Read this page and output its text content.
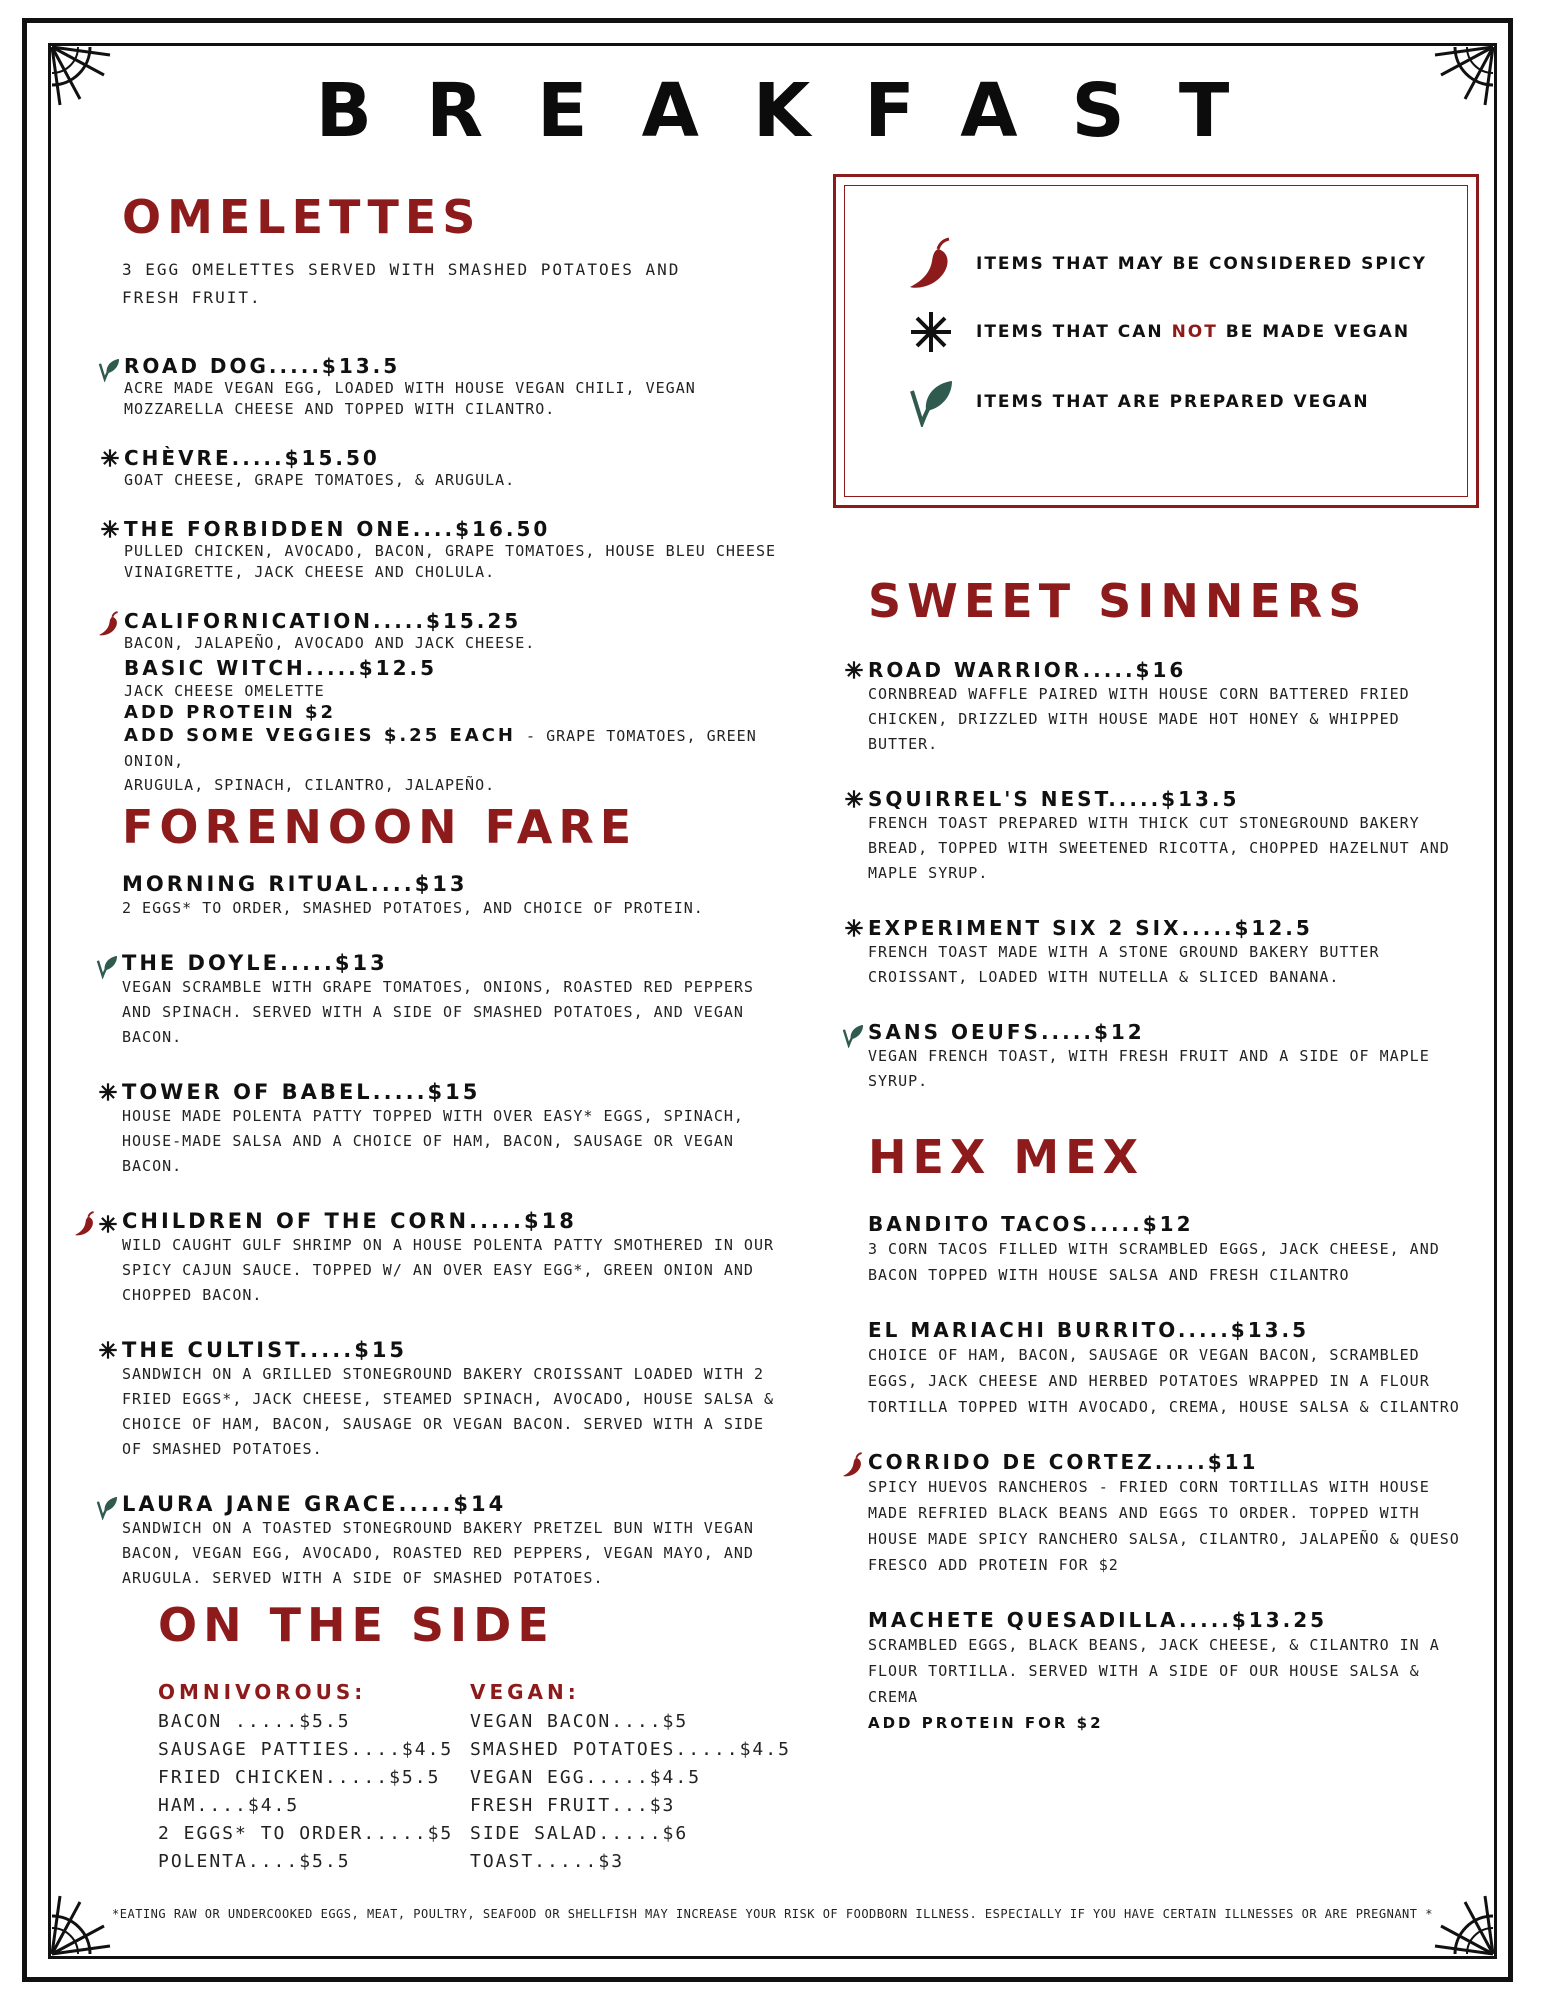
BREAKFAST
ITEMS THAT MAY BE CONSIDERED SPICY
ITEMS THAT CAN NOT BE MADE VEGAN
ITEMS THAT ARE PREPARED VEGAN
OMELETTES
3 EGG OMELETTES SERVED WITH SMASHED POTATOES AND FRESH FRUIT.
ROAD DOG.....$13.5
ACRE MADE VEGAN EGG, LOADED WITH HOUSE VEGAN CHILI, VEGAN MOZZARELLA CHEESE AND TOPPED WITH CILANTRO.
CHÈVRE.....$15.50
GOAT CHEESE, GRAPE TOMATOES, & ARUGULA.
THE FORBIDDEN ONE....$16.50
PULLED CHICKEN, AVOCADO, BACON, GRAPE TOMATOES, HOUSE BLEU CHEESE VINAIGRETTE, JACK CHEESE AND CHOLULA.
CALIFORNICATION.....$15.25
BACON, JALAPEÑO, AVOCADO AND JACK CHEESE.
BASIC WITCH.....$12.5
JACK CHEESE OMELETTE
ADD PROTEIN $2
ADD SOME VEGGIES $.25 EACH - GRAPE TOMATOES, GREEN ONION,
ARUGULA, SPINACH, CILANTRO, JALAPEÑO.
FORENOON FARE
MORNING RITUAL....$13
2 EGGS* TO ORDER, SMASHED POTATOES, AND CHOICE OF PROTEIN.
THE DOYLE.....$13
VEGAN SCRAMBLE WITH GRAPE TOMATOES, ONIONS, ROASTED RED PEPPERS AND SPINACH. SERVED WITH A SIDE OF SMASHED POTATOES, AND VEGAN BACON.
TOWER OF BABEL.....$15
HOUSE MADE POLENTA PATTY TOPPED WITH OVER EASY* EGGS, SPINACH, HOUSE-MADE SALSA AND A CHOICE OF HAM, BACON, SAUSAGE OR VEGAN BACON.
CHILDREN OF THE CORN.....$18
WILD CAUGHT GULF SHRIMP ON A HOUSE POLENTA PATTY SMOTHERED IN OUR SPICY CAJUN SAUCE. TOPPED W/ AN OVER EASY EGG*, GREEN ONION AND CHOPPED BACON.
THE CULTIST.....$15
SANDWICH ON A GRILLED STONEGROUND BAKERY CROISSANT LOADED WITH 2 FRIED EGGS*, JACK CHEESE, STEAMED SPINACH, AVOCADO, HOUSE SALSA & CHOICE OF HAM, BACON, SAUSAGE OR VEGAN BACON. SERVED WITH A SIDE OF SMASHED POTATOES.
LAURA JANE GRACE.....$14
SANDWICH ON A TOASTED STONEGROUND BAKERY PRETZEL BUN WITH VEGAN BACON, VEGAN EGG, AVOCADO, ROASTED RED PEPPERS, VEGAN MAYO, AND ARUGULA. SERVED WITH A SIDE OF SMASHED POTATOES.
ON THE SIDE
OMNIVOROUS:	VEGAN:
BACON .....$5.5
SAUSAGE PATTIES....$4.5
FRIED CHICKEN.....$5.5
HAM....$4.5
2 EGGS* TO ORDER.....$5
POLENTA....$5.5
VEGAN BACON....$5
SMASHED POTATOES.....$4.5
VEGAN EGG.....$4.5
FRESH FRUIT...$3
SIDE SALAD.....$6
TOAST.....$3
SWEET SINNERS
ROAD WARRIOR.....$16
CORNBREAD WAFFLE PAIRED WITH HOUSE CORN BATTERED FRIED CHICKEN, DRIZZLED WITH HOUSE MADE HOT HONEY & WHIPPED BUTTER.
SQUIRREL'S NEST.....$13.5
FRENCH TOAST PREPARED WITH THICK CUT STONEGROUND BAKERY BREAD, TOPPED WITH SWEETENED RICOTTA, CHOPPED HAZELNUT AND MAPLE SYRUP.
EXPERIMENT SIX 2 SIX.....$12.5
FRENCH TOAST MADE WITH A STONE GROUND BAKERY BUTTER CROISSANT, LOADED WITH NUTELLA & SLICED BANANA.
SANS OEUFS.....$12
VEGAN FRENCH TOAST, WITH FRESH FRUIT AND A SIDE OF MAPLE SYRUP.
HEX MEX
BANDITO TACOS.....$12
3 CORN TACOS FILLED WITH SCRAMBLED EGGS, JACK CHEESE, AND BACON TOPPED WITH HOUSE SALSA AND FRESH CILANTRO
EL MARIACHI BURRITO.....$13.5
CHOICE OF HAM, BACON, SAUSAGE OR VEGAN BACON, SCRAMBLED EGGS, JACK CHEESE AND HERBED POTATOES WRAPPED IN A FLOUR TORTILLA TOPPED WITH AVOCADO, CREMA, HOUSE SALSA & CILANTRO
CORRIDO DE CORTEZ.....$11
SPICY HUEVOS RANCHEROS - FRIED CORN TORTILLAS WITH HOUSE MADE REFRIED BLACK BEANS AND EGGS TO ORDER. TOPPED WITH HOUSE MADE SPICY RANCHERO SALSA, CILANTRO, JALAPEÑO & QUESO FRESCO ADD PROTEIN FOR $2
MACHETE QUESADILLA.....$13.25
SCRAMBLED EGGS, BLACK BEANS, JACK CHEESE, & CILANTRO IN A FLOUR TORTILLA. SERVED WITH A SIDE OF OUR HOUSE SALSA & CREMA
ADD PROTEIN FOR $2
*EATING RAW OR UNDERCOOKED EGGS, MEAT, POULTRY, SEAFOOD OR SHELLFISH MAY INCREASE YOUR RISK OF FOODBORN ILLNESS. ESPECIALLY IF YOU HAVE CERTAIN ILLNESSES OR ARE PREGNANT *
